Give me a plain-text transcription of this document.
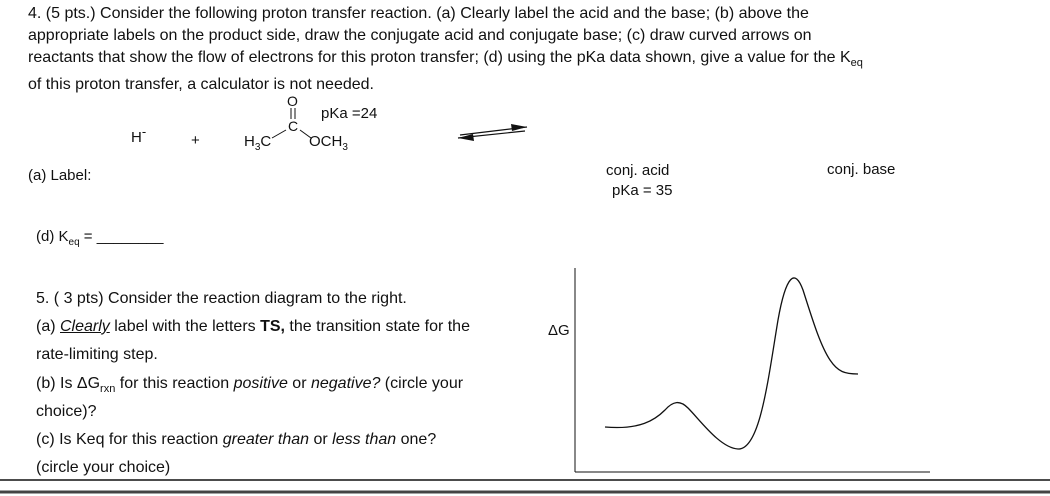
4. (5 pts.) Consider the following proton transfer reaction. (a) Clearly label the acid and the base; (b) above the
appropriate labels on the product side, draw the conjugate acid and conjugate base; (c) draw curved arrows on
reactants that show the flow of electrons for this proton transfer; (d) using the pKa data shown, give a value for the $K_{eq}$
of this proton transfer, a calculator is not needed.
H-
+
O
C
$H_3C$	$OCH_3$
pKa =24
conj. acid
pKa = 35
conj. base
(a) Label:
(d) $K_{eq}$ = ________
5. ( 3 pts) Consider the reaction diagram to the right.
(a) Clearly label with the letters TS, the transition state for the
rate-limiting step.
(b) Is $\Delta G_{rxn}$ for this reaction positive or negative? (circle your
choice)?
(c) Is Keq for this reaction greater than or less than one?
(circle your choice)
ΔG
